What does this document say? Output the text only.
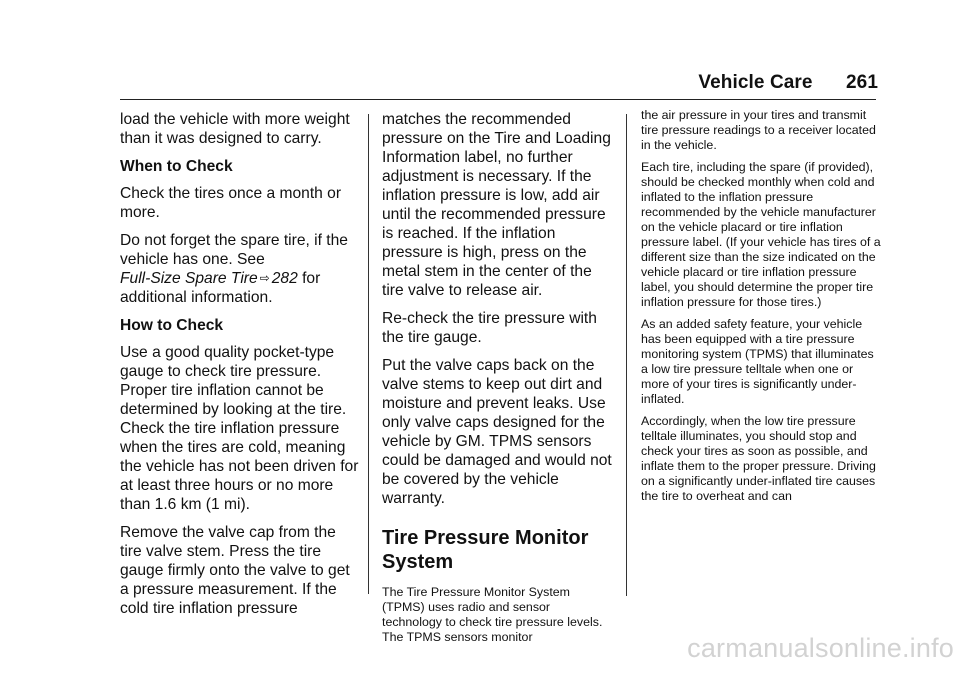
Vehicle Care 261

load the vehicle with more weight than it was designed to carry.

When to Check

Check the tires once a month or more.

Do not forget the spare tire, if the vehicle has one. See
Full-Size Spare Tire ⇨ 282 for additional information.

How to Check

Use a good quality pocket-type gauge to check tire pressure. Proper tire inflation cannot be determined by looking at the tire. Check the tire inflation pressure when the tires are cold, meaning the vehicle has not been driven for at least three hours or no more than 1.6 km (1 mi).

Remove the valve cap from the tire valve stem. Press the tire gauge firmly onto the valve to get a pressure measurement. If the cold tire inflation pressure

matches the recommended pressure on the Tire and Loading Information label, no further adjustment is necessary. If the inflation pressure is low, add air until the recommended pressure is reached. If the inflation pressure is high, press on the metal stem in the center of the tire valve to release air.

Re-check the tire pressure with the tire gauge.

Put the valve caps back on the valve stems to keep out dirt and moisture and prevent leaks. Use only valve caps designed for the vehicle by GM. TPMS sensors could be damaged and would not be covered by the vehicle warranty.

Tire Pressure Monitor System

The Tire Pressure Monitor System (TPMS) uses radio and sensor technology to check tire pressure levels. The TPMS sensors monitor

the air pressure in your tires and transmit tire pressure readings to a receiver located in the vehicle.

Each tire, including the spare (if provided), should be checked monthly when cold and inflated to the inflation pressure recommended by the vehicle manufacturer on the vehicle placard or tire inflation pressure label. (If your vehicle has tires of a different size than the size indicated on the vehicle placard or tire inflation pressure label, you should determine the proper tire inflation pressure for those tires.)

As an added safety feature, your vehicle has been equipped with a tire pressure monitoring system (TPMS) that illuminates a low tire pressure telltale when one or more of your tires is significantly under-inflated.

Accordingly, when the low tire pressure telltale illuminates, you should stop and check your tires as soon as possible, and inflate them to the proper pressure. Driving on a significantly under-inflated tire causes the tire to overheat and can

carmanualsonline.info
